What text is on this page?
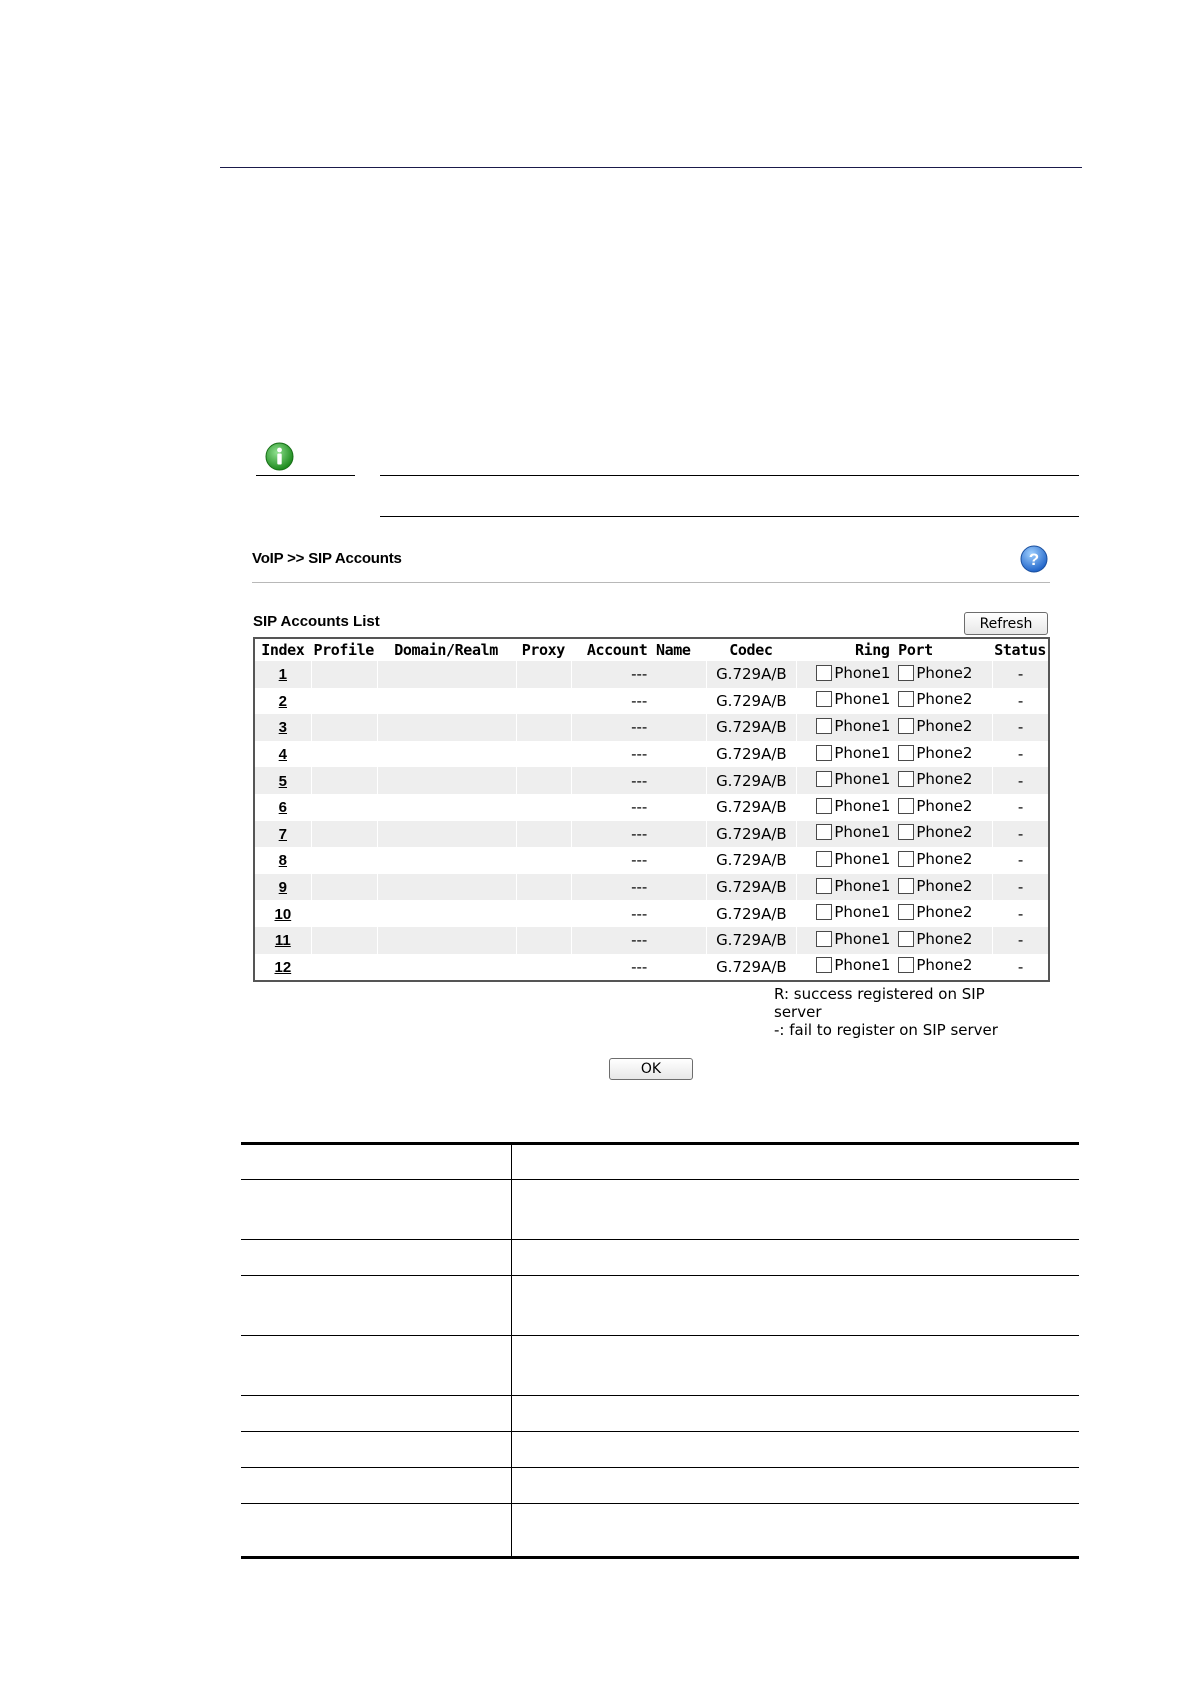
VoIP >> SIP Accounts	?
SIP Accounts List	Refresh
Index	Profile	Domain/Realm	Proxy	Account Name	Codec	Ring Port	Status
1				---	G.729A/B	Phone1 Phone2	-
2				---	G.729A/B	Phone1 Phone2	-
3				---	G.729A/B	Phone1 Phone2	-
4				---	G.729A/B	Phone1 Phone2	-
5				---	G.729A/B	Phone1 Phone2	-
6				---	G.729A/B	Phone1 Phone2	-
7				---	G.729A/B	Phone1 Phone2	-
8				---	G.729A/B	Phone1 Phone2	-
9				---	G.729A/B	Phone1 Phone2	-
10				---	G.729A/B	Phone1 Phone2	-
11				---	G.729A/B	Phone1 Phone2	-
12				---	G.729A/B	Phone1 Phone2	-
R: success registered on SIP server
-: fail to register on SIP server
OK
